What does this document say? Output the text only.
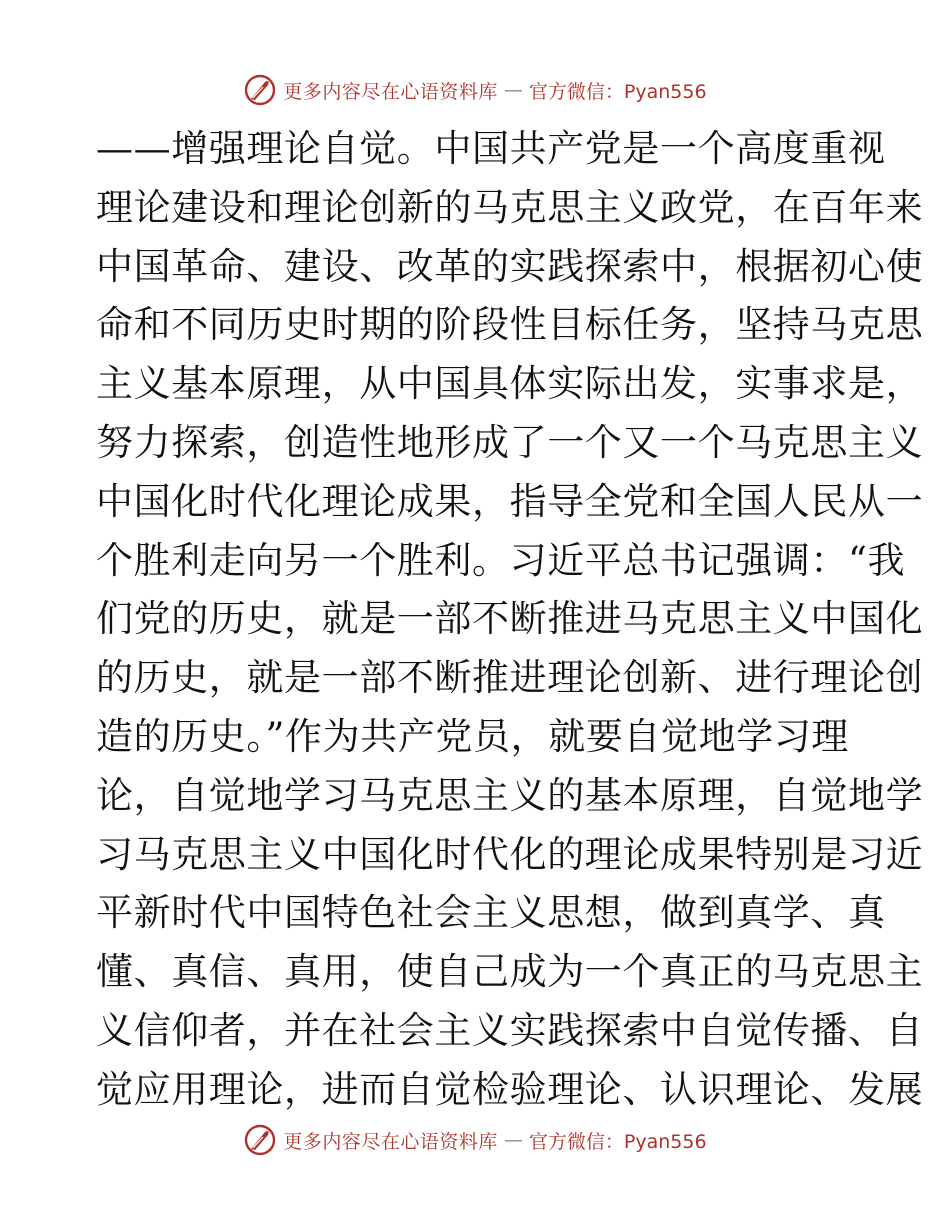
更多内容尽在心语资料库 — 官方微信：Pyan556
——增强理论自觉。中国共产党是一个高度重视
理论建设和理论创新的马克思主义政党，在百年来
中国革命、建设、改革的实践探索中，根据初心使
命和不同历史时期的阶段性目标任务，坚持马克思
主义基本原理，从中国具体实际出发，实事求是，
努力探索，创造性地形成了一个又一个马克思主义
中国化时代化理论成果，指导全党和全国人民从一
个胜利走向另一个胜利。习近平总书记强调：“我
们党的历史，就是一部不断推进马克思主义中国化
的历史，就是一部不断推进理论创新、进行理论创
造的历史。”作为共产党员，就要自觉地学习理
论，自觉地学习马克思主义的基本原理，自觉地学
习马克思主义中国化时代化的理论成果特别是习近
平新时代中国特色社会主义思想，做到真学、真
懂、真信、真用，使自己成为一个真正的马克思主
义信仰者，并在社会主义实践探索中自觉传播、自
觉应用理论，进而自觉检验理论、认识理论、发展
更多内容尽在心语资料库 — 官方微信：Pyan556
